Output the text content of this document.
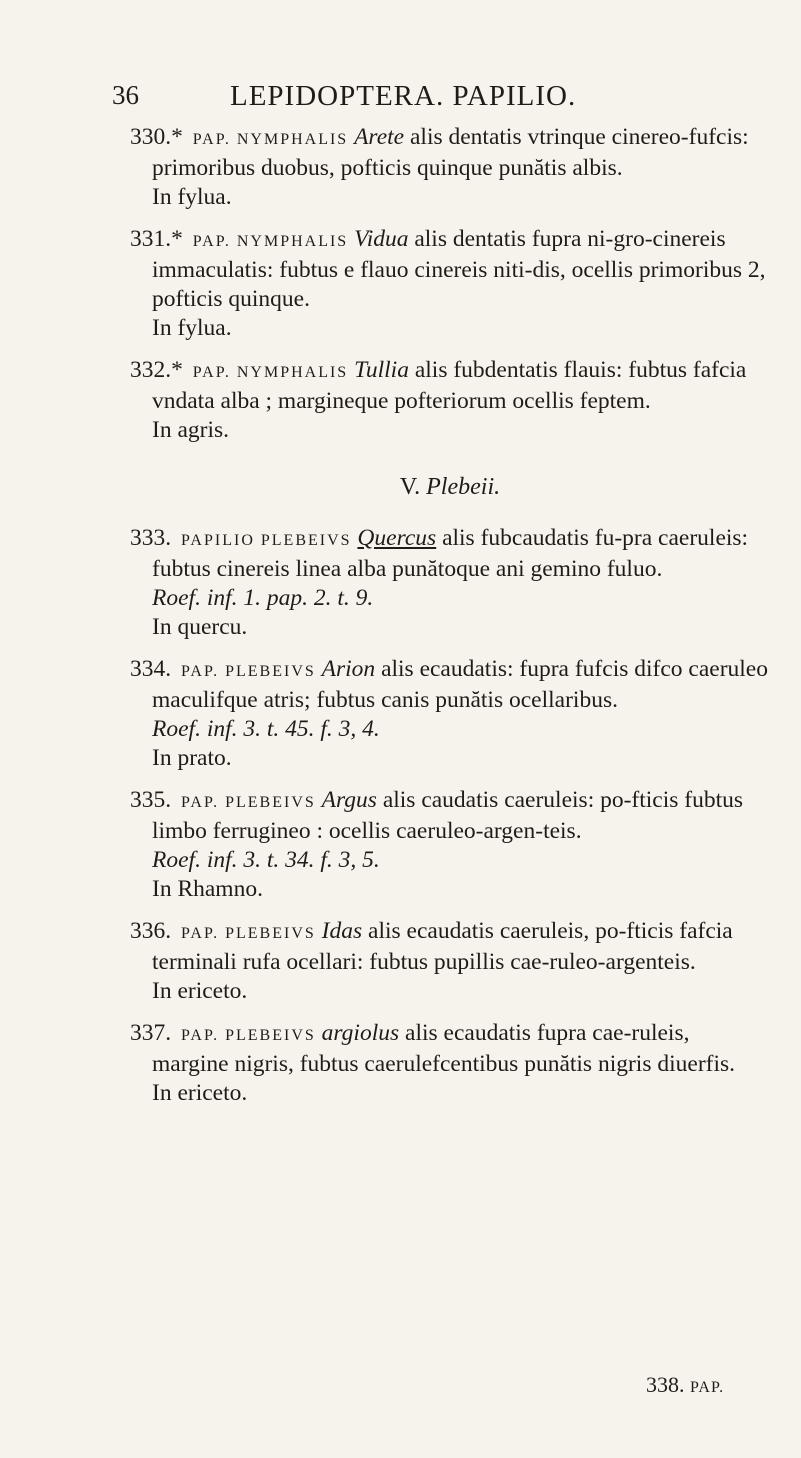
36	LEPIDOPTERA. PAPILIO.
330.* PAP. NYMPHALIS Arete alis dentatis vtrinque cinereo-fufcis: primoribus duobus, pofticis quinque punătis albis.
In fylua.
331.* PAP. NYMPHALIS Vidua alis dentatis fupra ni-gro-cinereis immaculatis: fubtus e flauo cinereis niti-dis, ocellis primoribus 2, pofticis quinque.
In fylua.
332.* PAP. NYMPHALIS Tullia alis fubdentatis flauis: fubtus fafcia vndata alba ; margineque pofteriorum ocellis feptem.
In agris.
V. Plebeii.
333. PAPILIO PLEBEIVS Quercus alis fubcaudatis fu-pra caeruleis: fubtus cinereis linea alba punătoque ani gemino fuluo.
Roef. inf. 1. pap. 2. t. 9.
In quercu.
334. PAP. PLEBEIVS Arion alis ecaudatis: fupra fufcis difco caeruleo maculifque atris; fubtus canis punătis ocellaribus.
Roef. inf. 3. t. 45. f. 3, 4.
In prato.
335. PAP. PLEBEIVS Argus alis caudatis caeruleis: po-fticis fubtus limbo ferrugineo : ocellis caeruleo-argen-teis.
Roef. inf. 3. t. 34. f. 3, 5.
In Rhamno.
336. PAP. PLEBEIVS Idas alis ecaudatis caeruleis, po-fticis fafcia terminali rufa ocellari: fubtus pupillis cae-ruleo-argenteis.
In ericeto.
337. PAP. PLEBEIVS argiolus alis ecaudatis fupra cae-ruleis, margine nigris, fubtus caerulefcentibus punătis nigris diuerfis.
In ericeto.
338. PAP.
